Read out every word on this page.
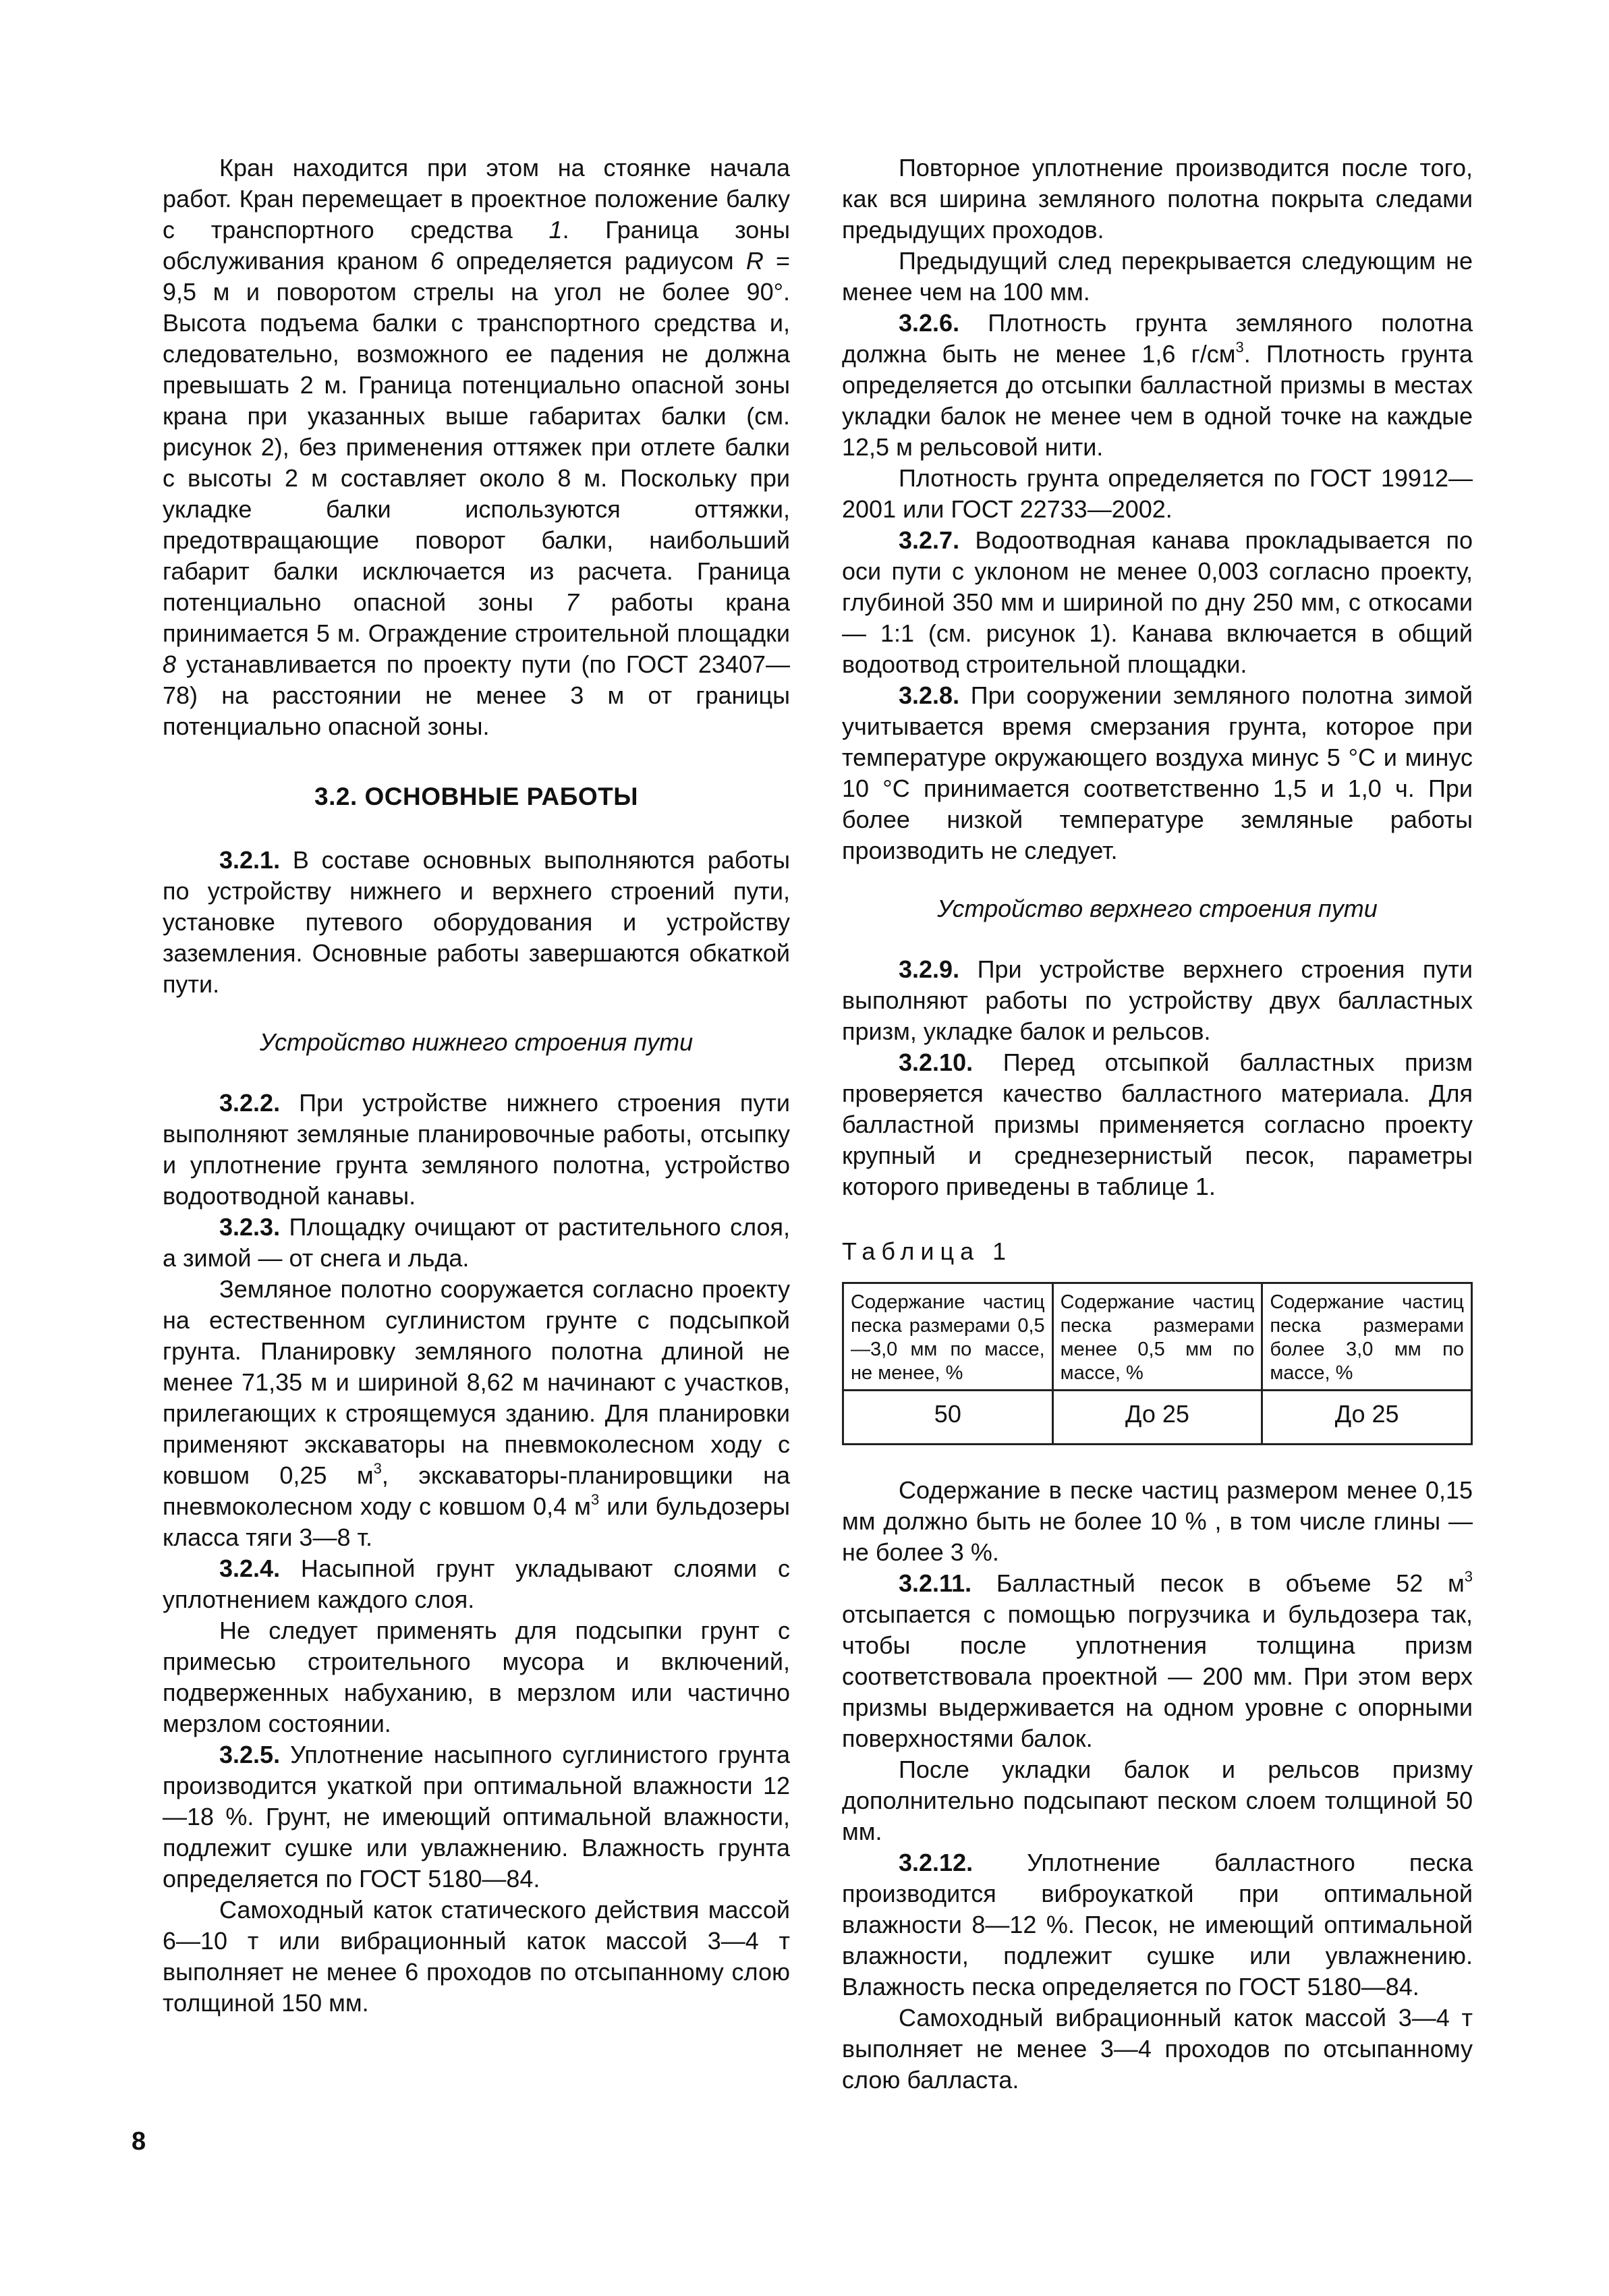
Кран находится при этом на стоянке начала работ. Кран перемещает в проектное положение балку с транспортного средства 1. Граница зоны обслуживания краном 6 определяется радиусом R = 9,5 м и поворотом стрелы на угол не более 90°. Высота подъема балки с транспортного средства и, следовательно, возможного ее падения не должна превышать 2 м. Граница потенциально опасной зоны крана при указанных выше габаритах балки (см. рисунок 2), без применения оттяжек при отлете балки с высоты 2 м составляет около 8 м. Поскольку при укладке балки используются оттяжки, предотвращающие поворот балки, наибольший габарит балки исключается из расчета. Граница потенциально опасной зоны 7 работы крана принимается 5 м. Ограждение строительной площадки 8 устанавливается по проекту пути (по ГОСТ 23407—78) на расстоянии не менее 3 м от границы потенциально опасной зоны.

3.2. ОСНОВНЫЕ РАБОТЫ

3.2.1. В составе основных выполняются работы по устройству нижнего и верхнего строений пути, установке путевого оборудования и устройству заземления. Основные работы завершаются обкаткой пути.

Устройство нижнего строения пути

3.2.2. При устройстве нижнего строения пути выполняют земляные планировочные работы, отсыпку и уплотнение грунта земляного полотна, устройство водоотводной канавы.

3.2.3. Площадку очищают от растительного слоя, а зимой — от снега и льда.

Земляное полотно сооружается согласно проекту на естественном суглинистом грунте с подсыпкой грунта. Планировку земляного полотна длиной не менее 71,35 м и шириной 8,62 м начинают с участков, прилегающих к строящемуся зданию. Для планировки применяют экскаваторы на пневмоколесном ходу с ковшом 0,25 $м^3$, экскаваторы-планировщики на пневмоколесном ходу с ковшом 0,4 $м^3$ или бульдозеры класса тяги 3—8 т.

3.2.4. Насыпной грунт укладывают слоями с уплотнением каждого слоя.

Не следует применять для подсыпки грунт с примесью строительного мусора и включений, подверженных набуханию, в мерзлом или частично мерзлом состоянии.

3.2.5. Уплотнение насыпного суглинистого грунта производится укаткой при оптимальной влажности 12—18 %. Грунт, не имеющий оптимальной влажности, подлежит сушке или увлажнению. Влажность грунта определяется по ГОСТ 5180—84.

Самоходный каток статического действия массой 6—10 т или вибрационный каток массой 3—4 т выполняет не менее 6 проходов по отсыпанному слою толщиной 150 мм.

Повторное уплотнение производится после того, как вся ширина земляного полотна покрыта следами предыдущих проходов.

Предыдущий след перекрывается следующим не менее чем на 100 мм.

3.2.6. Плотность грунта земляного полотна должна быть не менее 1,6 $г/см^3$. Плотность грунта определяется до отсыпки балластной призмы в местах укладки балок не менее чем в одной точке на каждые 12,5 м рельсовой нити.

Плотность грунта определяется по ГОСТ 19912—2001 или ГОСТ 22733—2002.

3.2.7. Водоотводная канава прокладывается по оси пути с уклоном не менее 0,003 согласно проекту, глубиной 350 мм и шириной по дну 250 мм, с откосами — 1:1 (см. рисунок 1). Канава включается в общий водоотвод строительной площадки.

3.2.8. При сооружении земляного полотна зимой учитывается время смерзания грунта, которое при температуре окружающего воздуха минус 5 °С и минус 10 °С принимается соответственно 1,5 и 1,0 ч. При более низкой температуре земляные работы производить не следует.

Устройство верхнего строения пути

3.2.9. При устройстве верхнего строения пути выполняют работы по устройству двух балластных призм, укладке балок и рельсов.

3.2.10. Перед отсыпкой балластных призм проверяется качество балластного материала. Для балластной призмы применяется согласно проекту крупный и среднезернистый песок, параметры которого приведены в таблице 1.

Таблица 1
Содержание частиц песка размерами 0,5—3,0 мм по массе, не менее, %	Содержание частиц песка размерами менее 0,5 мм по массе, %	Содержание частиц песка размерами более 3,0 мм по массе, %
50	До 25	До 25

Содержание в песке частиц размером менее 0,15 мм должно быть не более 10 % , в том числе глины — не более 3 %.

3.2.11. Балластный песок в объеме 52 $м^3$ отсыпается с помощью погрузчика и бульдозера так, чтобы после уплотнения толщина призм соответствовала проектной — 200 мм. При этом верх призмы выдерживается на одном уровне с опорными поверхностями балок.

После укладки балок и рельсов призму дополнительно подсыпают песком слоем толщиной 50 мм.

3.2.12. Уплотнение балластного песка производится виброукаткой при оптимальной влажности 8—12 %. Песок, не имеющий оптимальной влажности, подлежит сушке или увлажнению. Влажность песка определяется по ГОСТ 5180—84.

Самоходный вибрационный каток массой 3—4 т выполняет не менее 3—4 проходов по отсыпанному слою балласта.

8
